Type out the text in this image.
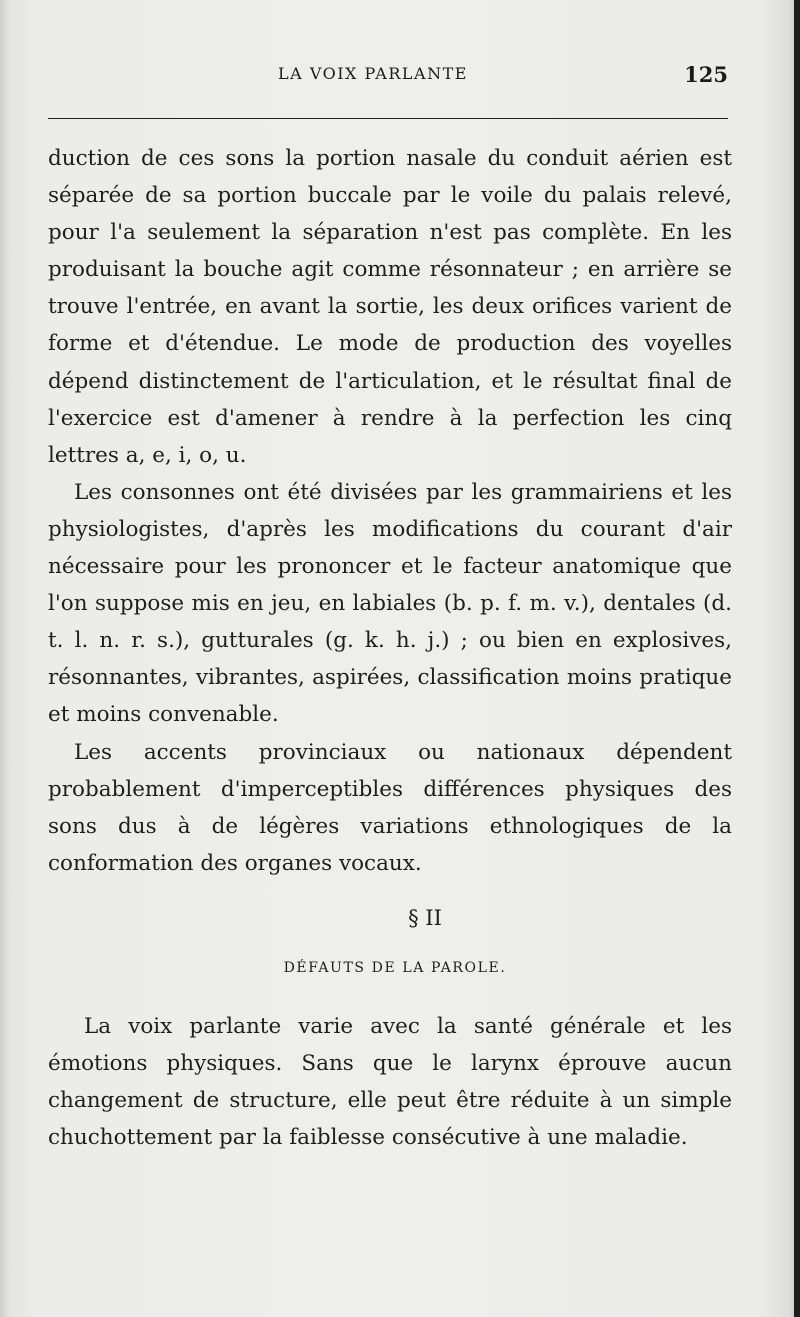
LA VOIX PARLANTE	125

duction de ces sons la portion nasale du conduit aérien est séparée de sa portion buccale par le voile du palais relevé, pour l'a seulement la séparation n'est pas complète. En les produisant la bouche agit comme résonnateur ; en arrière se trouve l'entrée, en avant la sortie, les deux orifices varient de forme et d'étendue. Le mode de production des voyelles dépend distinctement de l'articulation, et le résultat final de l'exercice est d'amener à rendre à la perfection les cinq lettres a, e, i, o, u.

Les consonnes ont été divisées par les grammairiens et les physiologistes, d'après les modifications du courant d'air nécessaire pour les prononcer et le facteur anatomique que l'on suppose mis en jeu, en labiales (b. p. f. m. v.), dentales (d. t. l. n. r. s.), gutturales (g. k. h. j.) ; ou bien en explosives, résonnantes, vibrantes, aspirées, classification moins pratique et moins convenable.

Les accents provinciaux ou nationaux dépendent probablement d'imperceptibles différences physiques des sons dus à de légères variations ethnologiques de la conformation des organes vocaux.

§ II

DÉFAUTS DE LA PAROLE.

La voix parlante varie avec la santé générale et les émotions physiques. Sans que le larynx éprouve aucun changement de structure, elle peut être réduite à un simple chuchottement par la faiblesse consécutive à une maladie.
